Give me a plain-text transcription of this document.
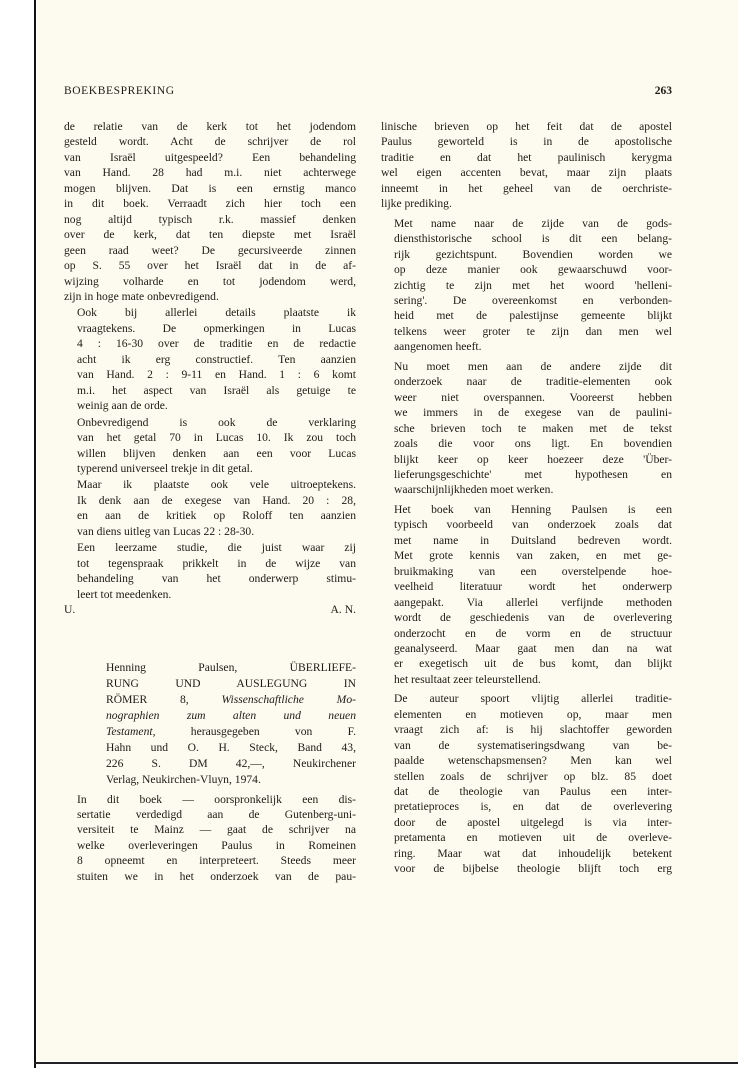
BOEKBESPREKING	263
de relatie van de kerk tot het jodendom
gesteld wordt. Acht de schrijver de rol
van Israël uitgespeeld? Een behandeling
van Hand. 28 had m.i. niet achterwege
mogen blijven. Dat is een ernstig manco
in dit boek. Verraadt zich hier toch een
nog altijd typisch r.k. massief denken
over de kerk, dat ten diepste met Israël
geen raad weet? De gecursiveerde zinnen
op S. 55 over het Israël dat in de af-
wijzing volharde en tot jodendom werd,
zijn in hoge mate onbevredigend.
Ook bij allerlei details plaatste ik
vraagtekens. De opmerkingen in Lucas
4 : 16-30 over de traditie en de redactie
acht ik erg constructief. Ten aanzien
van Hand. 2 : 9-11 en Hand. 1 : 6 komt
m.i. het aspect van Israël als getuige te
weinig aan de orde.
Onbevredigend is ook de verklaring
van het getal 70 in Lucas 10. Ik zou toch
willen blijven denken aan een voor Lucas
typerend universeel trekje in dit getal.
Maar ik plaatste ook vele uitroeptekens.
Ik denk aan de exegese van Hand. 20 : 28,
en aan de kritiek op Roloff ten aanzien
van diens uitleg van Lucas 22 : 28-30.
Een leerzame studie, die juist waar zij
tot tegenspraak prikkelt in de wijze van
behandeling van het onderwerp stimu-
leert tot meedenken.
U.	A. N.
Henning Paulsen, ÜBERLIEFE-
RUNG UND AUSLEGUNG IN
RÖMER 8, Wissenschaftliche Mo-
nographien zum alten und neuen
Testament, herausgegeben von F.
Hahn und O. H. Steck, Band 43,
226 S. DM 42,—, Neukirchener
Verlag, Neukirchen-Vluyn, 1974.
In dit boek — oorspronkelijk een dis-
sertatie verdedigd aan de Gutenberg-uni-
versiteit te Mainz — gaat de schrijver na
welke overleveringen Paulus in Romeinen
8 opneemt en interpreteert. Steeds meer
stuiten we in het onderzoek van de pau-
linische brieven op het feit dat de apostel
Paulus geworteld is in de apostolische
traditie en dat het paulinisch kerygma
wel eigen accenten bevat, maar zijn plaats
inneemt in het geheel van de oerchriste-
lijke prediking.
Met name naar de zijde van de gods-
diensthistorische school is dit een belang-
rijk gezichtspunt. Bovendien worden we
op deze manier ook gewaarschuwd voor-
zichtig te zijn met het woord 'helleni-
sering'. De overeenkomst en verbonden-
heid met de palestijnse gemeente blijkt
telkens weer groter te zijn dan men wel
aangenomen heeft.
Nu moet men aan de andere zijde dit
onderzoek naar de traditie-elementen ook
weer niet overspannen. Vooreerst hebben
we immers in de exegese van de paulini-
sche brieven toch te maken met de tekst
zoals die voor ons ligt. En bovendien
blijkt keer op keer hoezeer deze 'Über-
lieferungsgeschichte' met hypothesen en
waarschijnlijkheden moet werken.
Het boek van Henning Paulsen is een
typisch voorbeeld van onderzoek zoals dat
met name in Duitsland bedreven wordt.
Met grote kennis van zaken, en met ge-
bruikmaking van een overstelpende hoe-
veelheid literatuur wordt het onderwerp
aangepakt. Via allerlei verfijnde methoden
wordt de geschiedenis van de overlevering
onderzocht en de vorm en de structuur
geanalyseerd. Maar gaat men dan na wat
er exegetisch uit de bus komt, dan blijkt
het resultaat zeer teleurstellend.
De auteur spoort vlijtig allerlei traditie-
elementen en motieven op, maar men
vraagt zich af: is hij slachtoffer geworden
van de systematiseringsdwang van be-
paalde wetenschapsmensen? Men kan wel
stellen zoals de schrijver op blz. 85 doet
dat de theologie van Paulus een inter-
pretatieproces is, en dat de overlevering
door de apostel uitgelegd is via inter-
pretamenta en motieven uit de overleve-
ring. Maar wat dat inhoudelijk betekent
voor de bijbelse theologie blijft toch erg
